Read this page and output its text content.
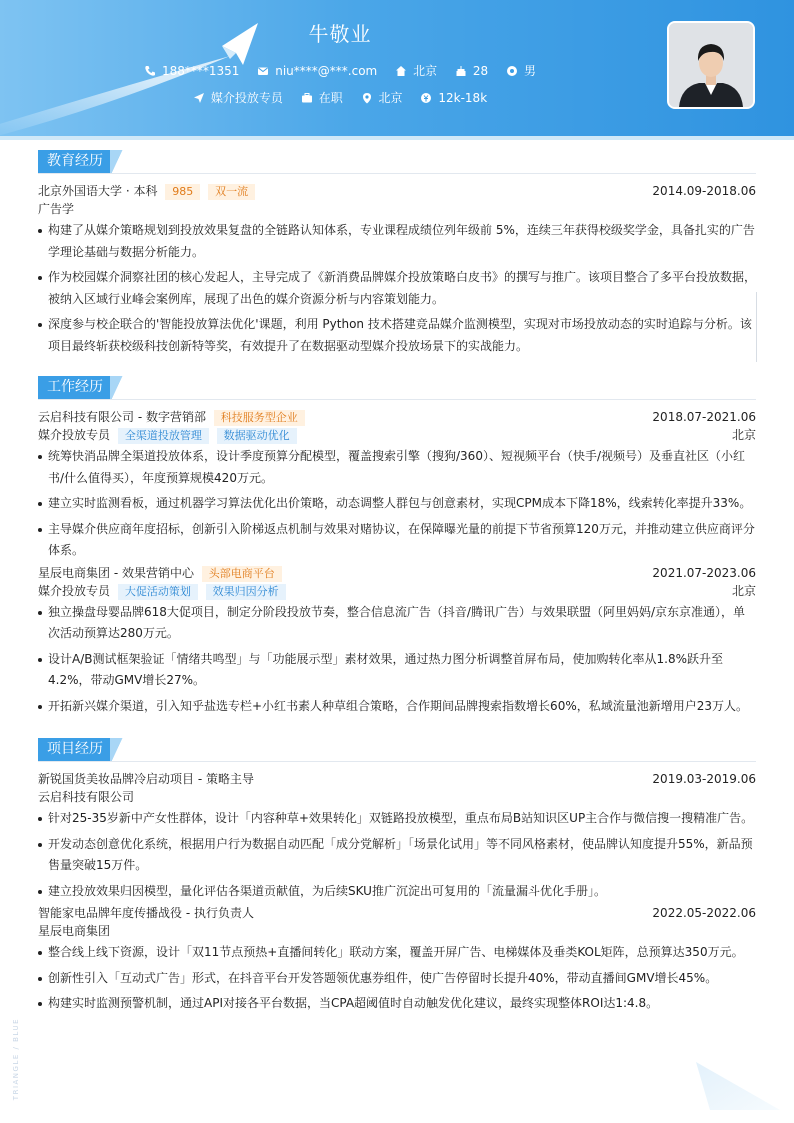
牛敬业
188****1351
	niu****@***.com
	北京
	28
	男
媒介投放专员
	在职
	北京
	12k-18k
教育经历
北京外国语大学 · 本科 985 双一流	2014.09-2018.06
广告学
构建了从媒介策略规划到投放效果复盘的全链路认知体系，专业课程成绩位列年级前 5%，连续三年获得校级奖学金，具备扎实的广告学理论基础与数据分析能力。
作为校园媒介洞察社团的核心发起人，主导完成了《新消费品牌媒介投放策略白皮书》的撰写与推广。该项目整合了多平台投放数据，被纳入区域行业峰会案例库，展现了出色的媒介资源分析与内容策划能力。
深度参与校企联合的'智能投放算法优化'课题，利用 Python 技术搭建竞品媒介监测模型，实现对市场投放动态的实时追踪与分析。该项目最终斩获校级科技创新特等奖，有效提升了在数据驱动型媒介投放场景下的实战能力。
工作经历
云启科技有限公司 - 数字营销部 科技服务型企业	2018.07-2021.06
媒介投放专员 全渠道投放管理 数据驱动优化	北京
统筹快消品牌全渠道投放体系，设计季度预算分配模型，覆盖搜索引擎（搜狗/360）、短视频平台（快手/视频号）及垂直社区（小红书/什么值得买），年度预算规模420万元。
建立实时监测看板，通过机器学习算法优化出价策略，动态调整人群包与创意素材，实现CPM成本下降18%，线索转化率提升33%。
主导媒介供应商年度招标，创新引入阶梯返点机制与效果对赌协议，在保障曝光量的前提下节省预算120万元，并推动建立供应商评分体系。
星辰电商集团 - 效果营销中心 头部电商平台	2021.07-2023.06
媒介投放专员 大促活动策划 效果归因分析	北京
独立操盘母婴品牌618大促项目，制定分阶段投放节奏，整合信息流广告（抖音/腾讯广告）与效果联盟（阿里妈妈/京东京准通），单次活动预算达280万元。
设计A/B测试框架验证「情绪共鸣型」与「功能展示型」素材效果，通过热力图分析调整首屏布局，使加购转化率从1.8%跃升至4.2%，带动GMV增长27%。
开拓新兴媒介渠道，引入知乎盐选专栏+小红书素人种草组合策略，合作期间品牌搜索指数增长60%，私域流量池新增用户23万人。
项目经历
新锐国货美妆品牌冷启动项目 - 策略主导	2019.03-2019.06
云启科技有限公司
针对25-35岁新中产女性群体，设计「内容种草+效果转化」双链路投放模型，重点布局B站知识区UP主合作与微信搜一搜精准广告。
开发动态创意优化系统，根据用户行为数据自动匹配「成分党解析」「场景化试用」等不同风格素材，使品牌认知度提升55%，新品预售量突破15万件。
建立投放效果归因模型，量化评估各渠道贡献值，为后续SKU推广沉淀出可复用的「流量漏斗优化手册」。
智能家电品牌年度传播战役 - 执行负责人	2022.05-2022.06
星辰电商集团
整合线上线下资源，设计「双11节点预热+直播间转化」联动方案，覆盖开屏广告、电梯媒体及垂类KOL矩阵，总预算达350万元。
创新性引入「互动式广告」形式，在抖音平台开发答题领优惠券组件，使广告停留时长提升40%，带动直播间GMV增长45%。
构建实时监测预警机制，通过API对接各平台数据，当CPA超阈值时自动触发优化建议，最终实现整体ROI达1:4.8。
TRIANGLE / BLUE
